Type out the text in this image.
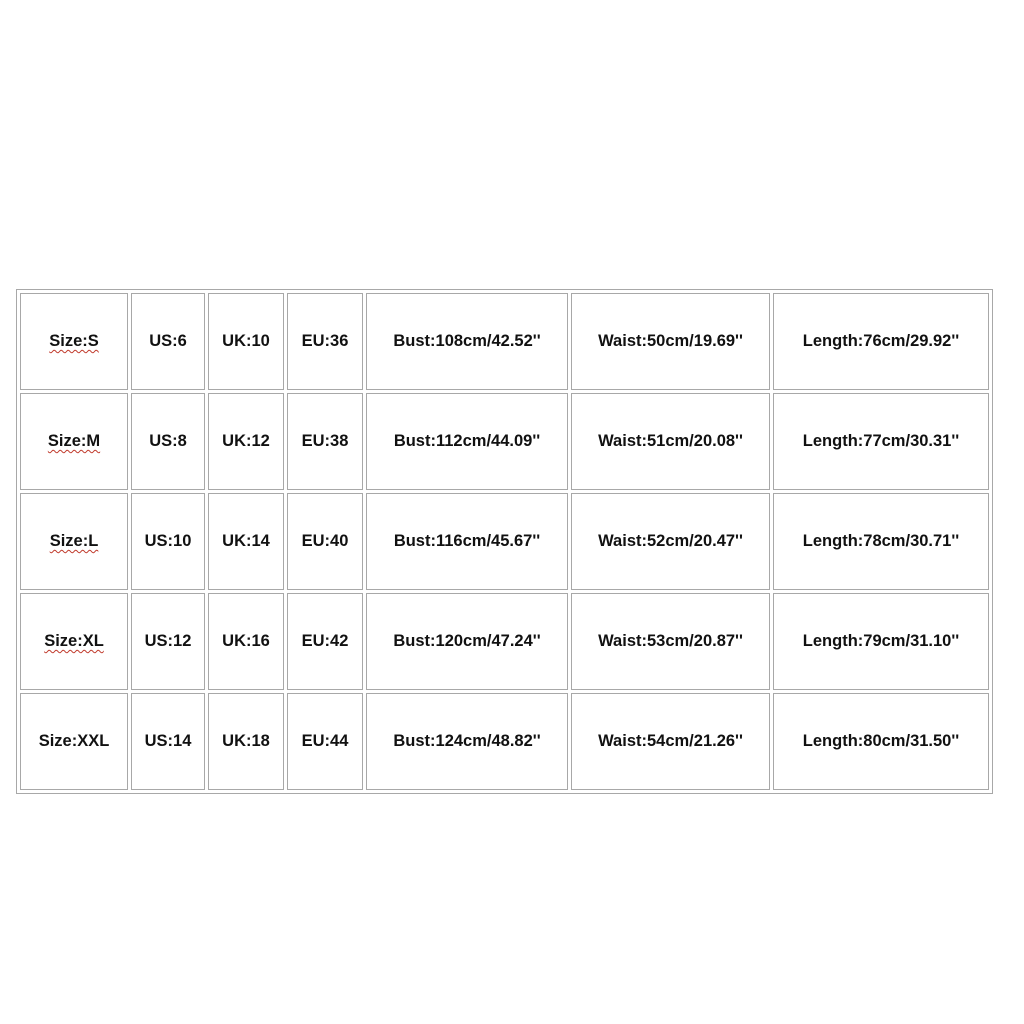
Size:S	US:6	UK:10	EU:36	Bust:108cm/42.52''	Waist:50cm/19.69''	Length:76cm/29.92''
Size:M	US:8	UK:12	EU:38	Bust:112cm/44.09''	Waist:51cm/20.08''	Length:77cm/30.31''
Size:L	US:10	UK:14	EU:40	Bust:116cm/45.67''	Waist:52cm/20.47''	Length:78cm/30.71''
Size:XL	US:12	UK:16	EU:42	Bust:120cm/47.24''	Waist:53cm/20.87''	Length:79cm/31.10''
Size:XXL	US:14	UK:18	EU:44	Bust:124cm/48.82''	Waist:54cm/21.26''	Length:80cm/31.50''
